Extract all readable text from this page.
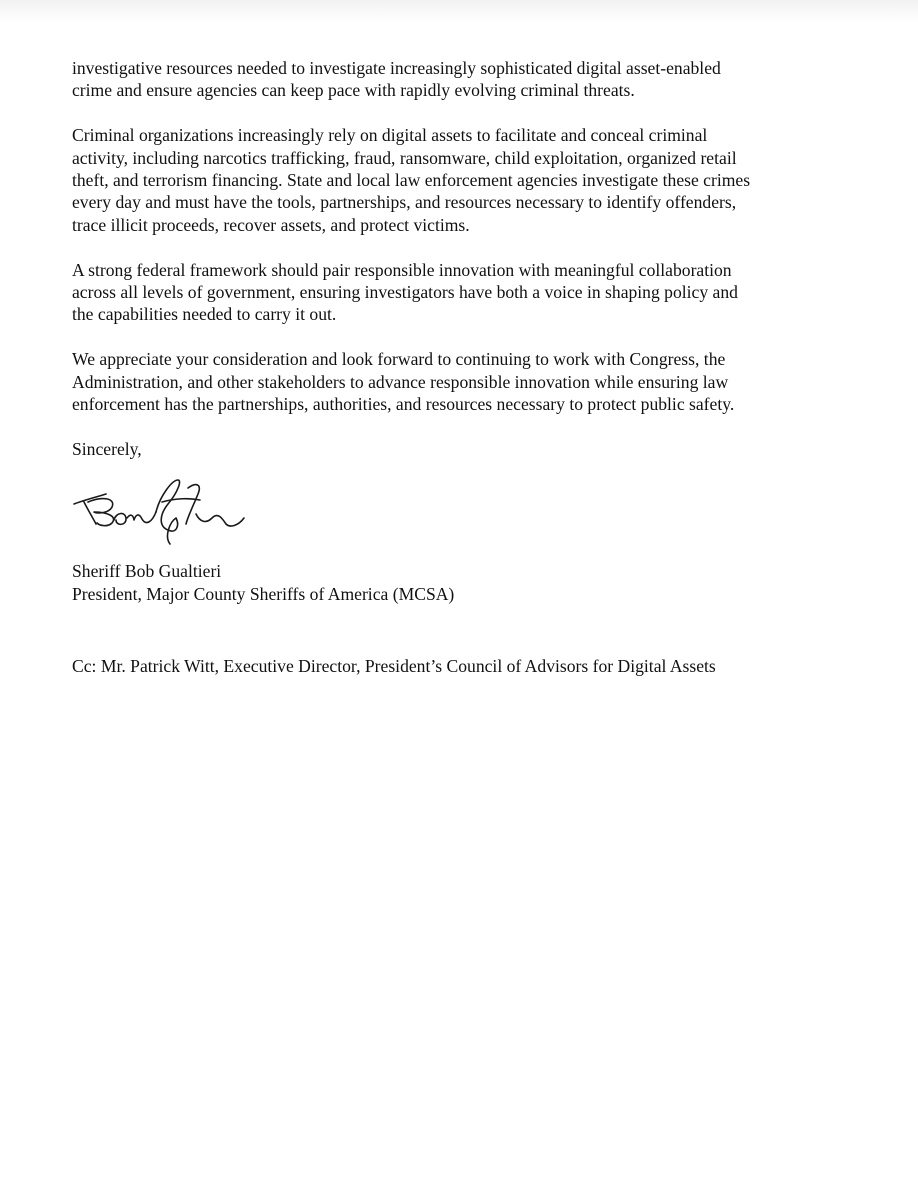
investigative resources needed to investigate increasingly sophisticated digital asset-enabled
crime and ensure agencies can keep pace with rapidly evolving criminal threats.

Criminal organizations increasingly rely on digital assets to facilitate and conceal criminal
activity, including narcotics trafficking, fraud, ransomware, child exploitation, organized retail
theft, and terrorism financing. State and local law enforcement agencies investigate these crimes
every day and must have the tools, partnerships, and resources necessary to identify offenders,
trace illicit proceeds, recover assets, and protect victims.

A strong federal framework should pair responsible innovation with meaningful collaboration
across all levels of government, ensuring investigators have both a voice in shaping policy and
the capabilities needed to carry it out.

We appreciate your consideration and look forward to continuing to work with Congress, the
Administration, and other stakeholders to advance responsible innovation while ensuring law
enforcement has the partnerships, authorities, and resources necessary to protect public safety.

Sincerely,

Sheriff Bob Gualtieri
President, Major County Sheriffs of America (MCSA)
Cc: Mr. Patrick Witt, Executive Director, President’s Council of Advisors for Digital Assets
